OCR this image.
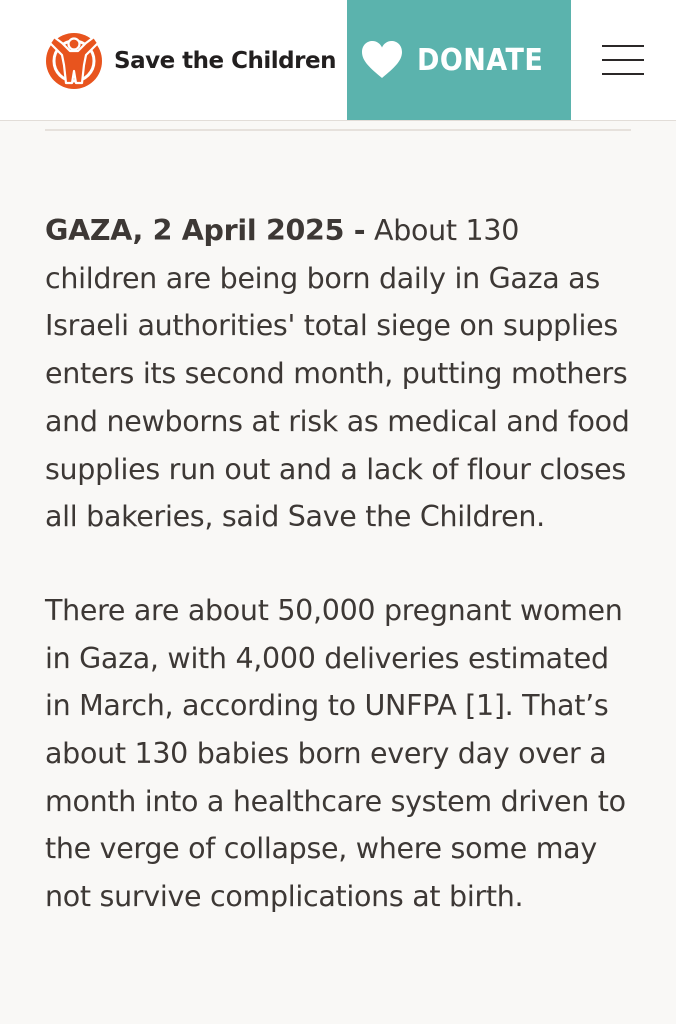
Save the Children	DONATE

GAZA, 2 April 2025 - About 130 children are being born daily in Gaza as Israeli authorities' total siege on supplies enters its second month, putting mothers and newborns at risk as medical and food supplies run out and a lack of flour closes all bakeries, said Save the Children.

There are about 50,000 pregnant women in Gaza, with 4,000 deliveries estimated in March, according to UNFPA [1]. That’s about 130 babies born every day over a month into a healthcare system driven to the verge of collapse, where some may not survive complications at birth.
